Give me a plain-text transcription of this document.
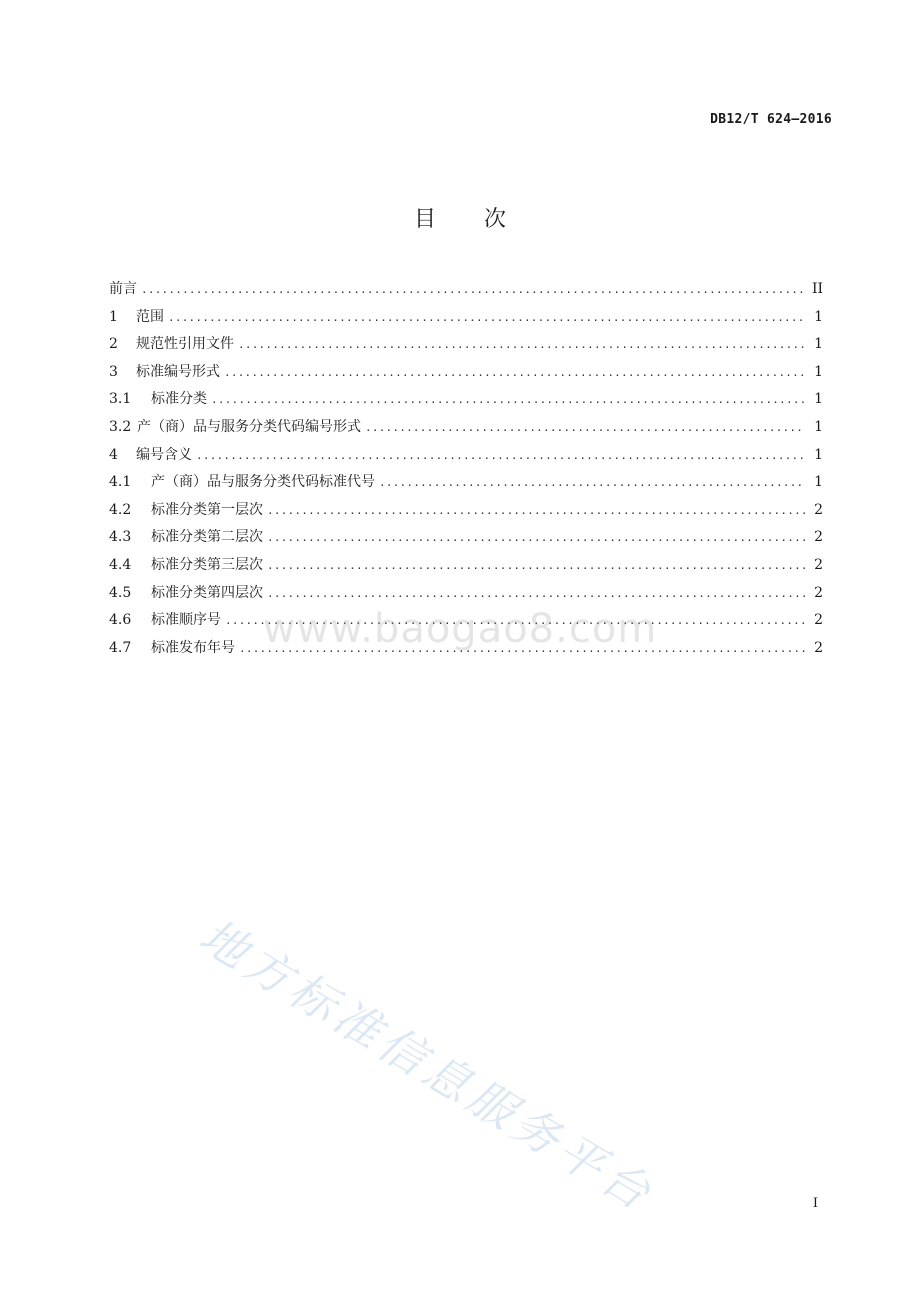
DB12/T 624—2016
目 次
前言 . . .	II
1	范围 . . .	1
2	规范性引用文件 . . .	1
3	标准编号形式 . . .	1
3.1	标准分类 . . .	1
3.2 产（商）品与服务分类代码编号形式 . . .	1
4	编号含义 . . .	1
4.1	产（商）品与服务分类代码标准代号 . . .	1
4.2	标准分类第一层次 . . .	2
4.3	标准分类第二层次 . . .	2
4.4	标准分类第三层次 . . .	2
4.5	标准分类第四层次 . . .	2
4.6	标准顺序号 . . .	2
4.7	标准发布年号 . . .	2
www.baogao8.com
地方标准信息服务平台	I
